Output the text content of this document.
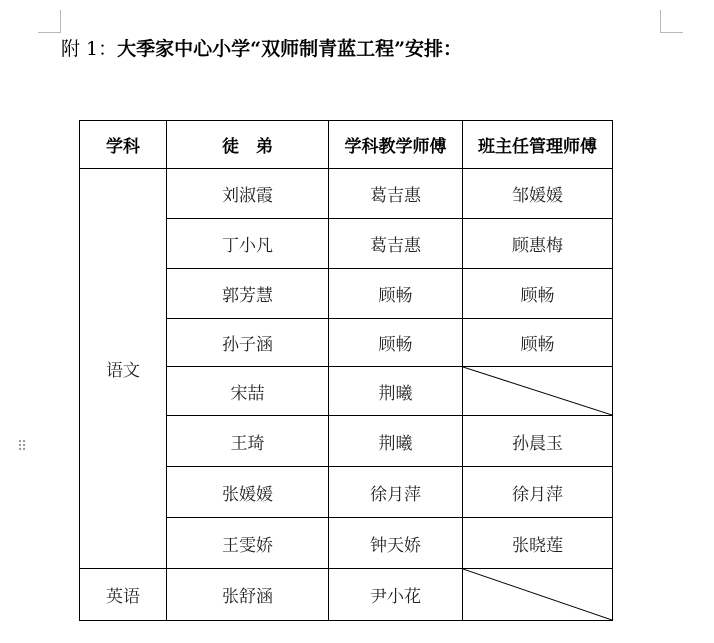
附 1：大季家中心小学“双师制青蓝工程”安排：
⠿
学科	徒　弟	学科教学师傅	班主任管理师傅
语文	刘淑霞	葛吉惠	邹媛媛
	丁小凡	葛吉惠	顾惠梅
	郭芳慧	顾畅	顾畅
	孙子涵	顾畅	顾畅
	宋喆	荆曦	

	王琦	荆曦	孙晨玉
	张媛媛	徐月萍	徐月萍
	王雯娇	钟天娇	张晓莲
英语	张舒涵	尹小花	
